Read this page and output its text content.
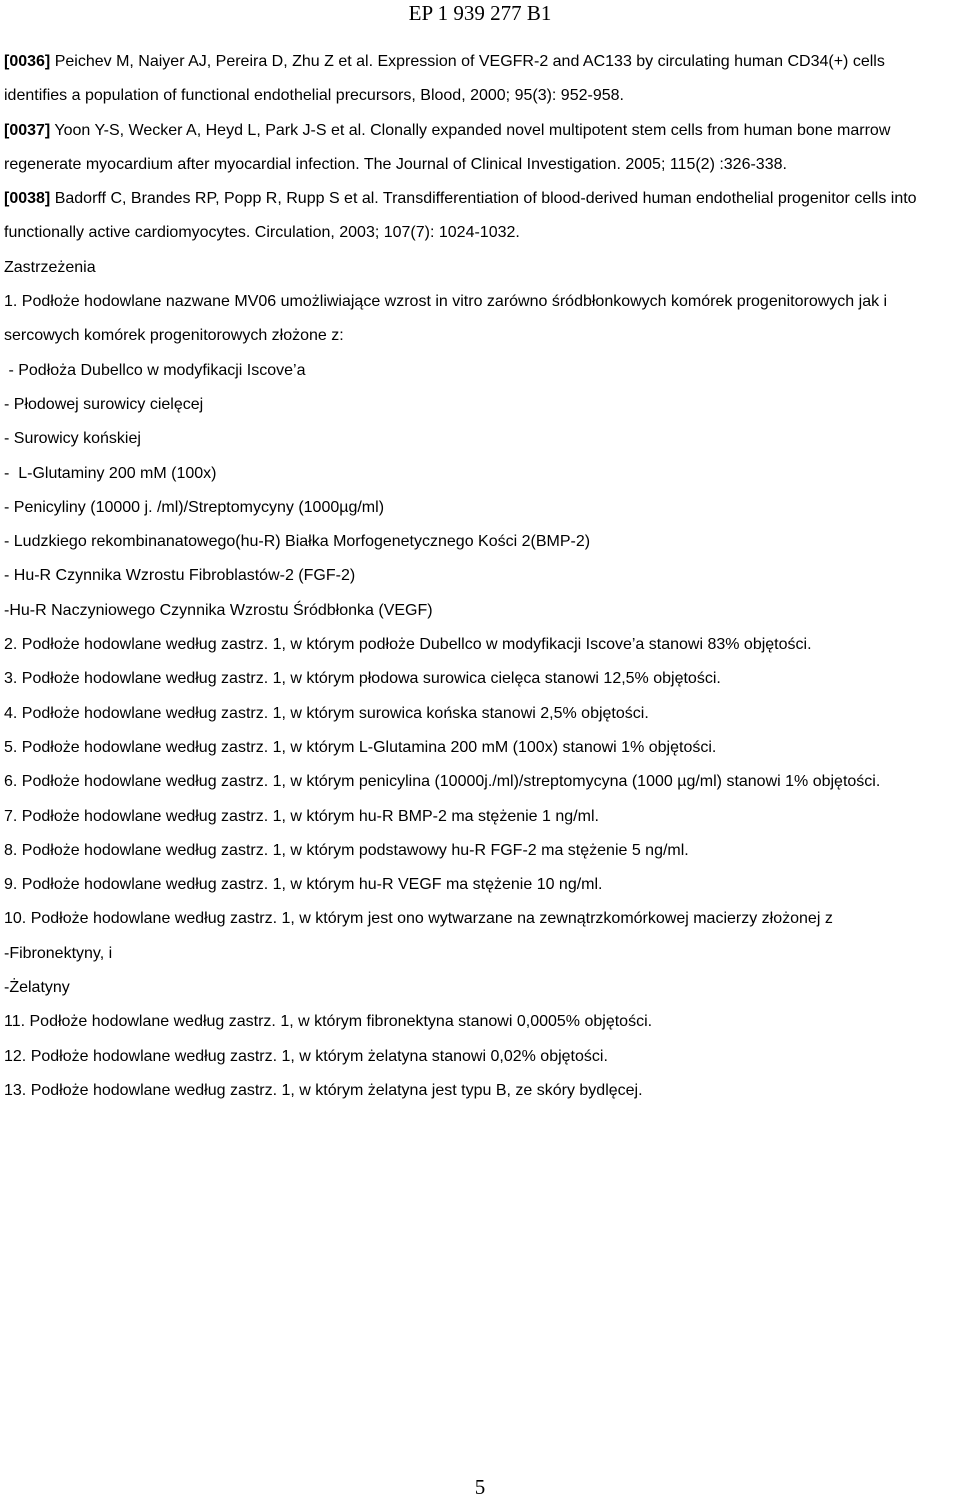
EP 1 939 277 B1

[0036] Peichev M, Naiyer AJ, Pereira D, Zhu Z et al. Expression of VEGFR-2 and AC133 by circulating human CD34(+) cells identifies a population of functional endothelial precursors, Blood, 2000; 95(3): 952-958.

[0037] Yoon Y-S, Wecker A, Heyd L, Park J-S et al. Clonally expanded novel multipotent stem cells from human bone marrow regenerate myocardium after myocardial infection. The Journal of Clinical Investigation. 2005; 115(2) :326-338.

[0038] Badorff C, Brandes RP, Popp R, Rupp S et al. Transdifferentiation of blood-derived human endothelial progenitor cells into functionally active cardiomyocytes. Circulation, 2003; 107(7): 1024-1032.

Zastrzeżenia

1. Podłoże hodowlane nazwane MV06 umożliwiające wzrost in vitro zarówno śródbłonkowych komórek progenitorowych jak i sercowych komórek progenitorowych złożone z:

- Podłoża Dubellco w modyfikacji Iscove’a

- Płodowej surowicy cielęcej

- Surowicy końskiej

-  L-Glutaminy 200 mM (100x)

- Penicyliny (10000 j. /ml)/Streptomycyny (1000µg/ml)

- Ludzkiego rekombinanatowego(hu-R) Białka Morfogenetycznego Kości 2(BMP-2)

- Hu-R Czynnika Wzrostu Fibroblastów-2 (FGF-2)

-Hu-R Naczyniowego Czynnika Wzrostu Śródbłonka (VEGF)

2. Podłoże hodowlane według zastrz. 1, w którym podłoże Dubellco w modyfikacji Iscove’a stanowi 83% objętości.

3. Podłoże hodowlane według zastrz. 1, w którym płodowa surowica cielęca stanowi 12,5% objętości.

4. Podłoże hodowlane według zastrz. 1, w którym surowica końska stanowi 2,5% objętości.

5. Podłoże hodowlane według zastrz. 1, w którym L-Glutamina 200 mM (100x) stanowi 1% objętości.

6. Podłoże hodowlane według zastrz. 1, w którym penicylina (10000j./ml)/streptomycyna (1000 µg/ml) stanowi 1% objętości.

7. Podłoże hodowlane według zastrz. 1, w którym hu-R BMP-2 ma stężenie 1 ng/ml.

8. Podłoże hodowlane według zastrz. 1, w którym podstawowy hu-R FGF-2 ma stężenie 5 ng/ml.

9. Podłoże hodowlane według zastrz. 1, w którym hu-R VEGF ma stężenie 10 ng/ml.

10. Podłoże hodowlane według zastrz. 1, w którym jest ono wytwarzane na zewnątrzkomórkowej macierzy złożonej z

-Fibronektyny, i

-Żelatyny

11. Podłoże hodowlane według zastrz. 1, w którym fibronektyna stanowi 0,0005% objętości.

12. Podłoże hodowlane według zastrz. 1, w którym żelatyna stanowi 0,02% objętości.

13. Podłoże hodowlane według zastrz. 1, w którym żelatyna jest typu B, ze skóry bydlęcej.

5
